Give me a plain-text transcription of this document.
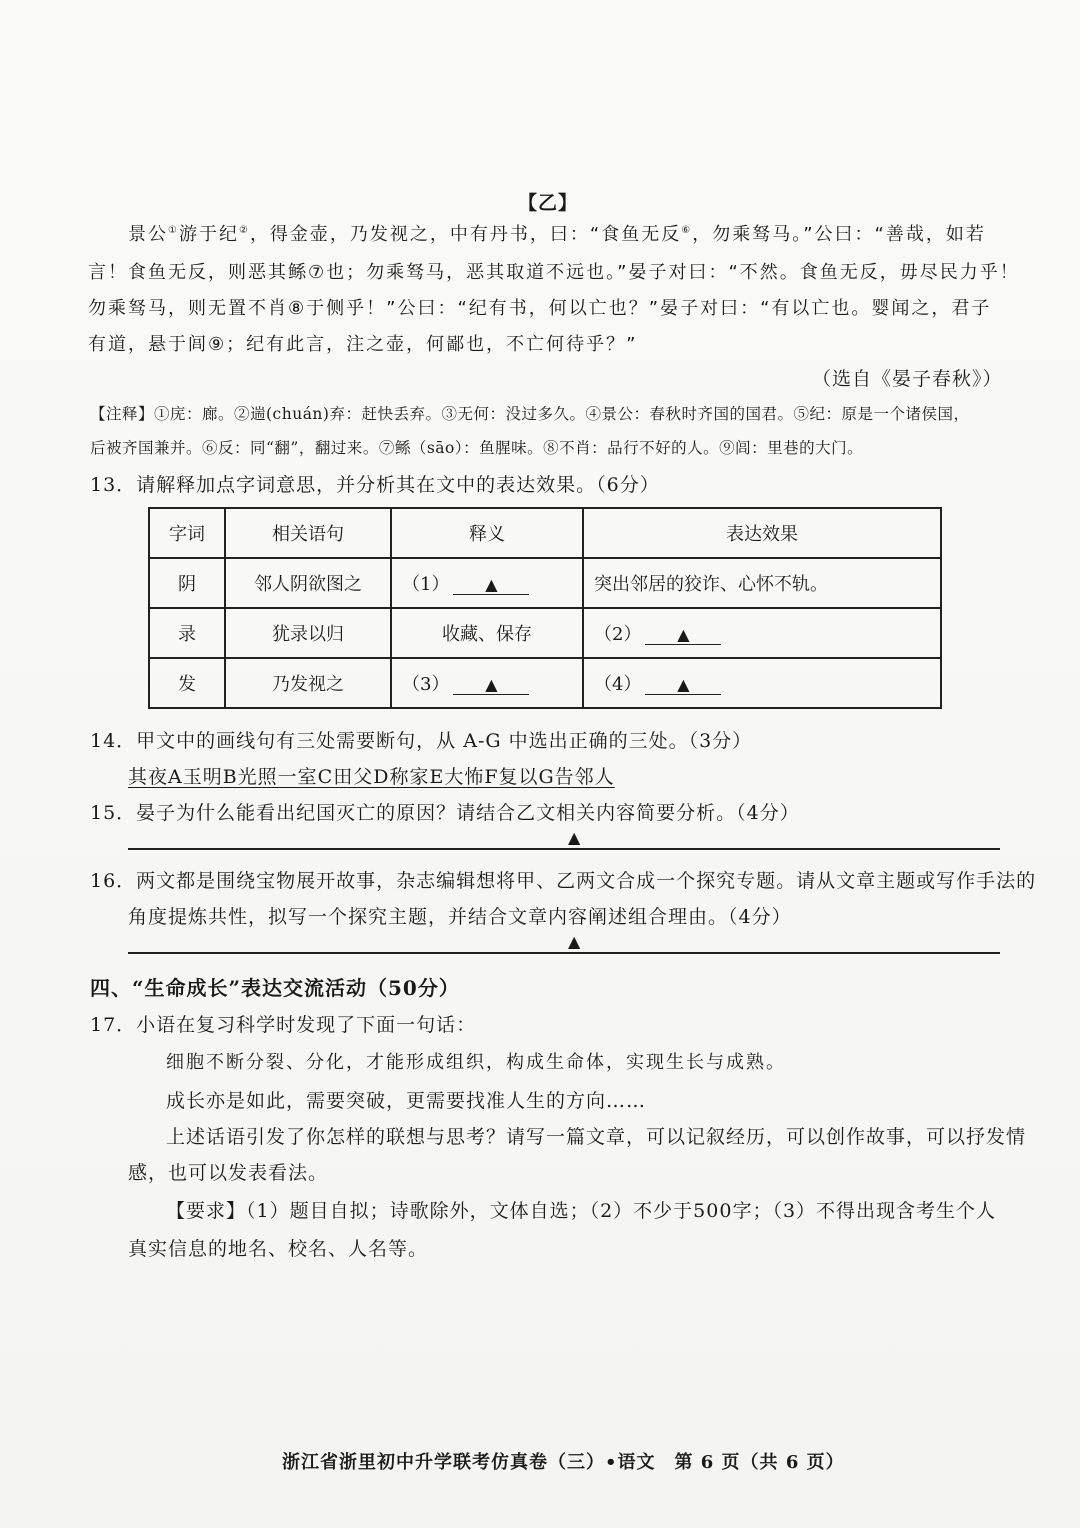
【乙】
景公①游于纪②，得金壶，乃发视之，中有丹书，曰：“食鱼无反⑥，勿乘驽马。”公曰：“善哉，如若
言！食鱼无反，则恶其鲧⑦也；勿乘驽马，恶其取道不远也。”晏子对曰：“不然。食鱼无反，毋尽民力乎！
勿乘驽马，则无置不肖⑧于侧乎！”公曰：“纪有书，何以亡也？”晏子对曰：“有以亡也。婴闻之，君子
有道，悬于闾⑨；纪有此言，注之壶，何鄙也，不亡何待乎？”
（选自《晏子春秋》）
【注释】①庑：廊。②遄(chuán)弃：赶快丢弃。③无何：没过多久。④景公：春秋时齐国的国君。⑤纪：原是一个诸侯国，
后被齐国兼并。⑥反：同“翻”，翻过来。⑦鲧（sāo）：鱼腥味。⑧不肖：品行不好的人。⑨闾：里巷的大门。
13．请解释加点字词意思，并分析其在文中的表达效果。（6分）
字词	相关语句	释义	表达效果
阴	邻人阴欲图之	（1） ▲	突出邻居的狡诈、心怀不轨。
录	犹录以归	收藏、保存	（2） ▲
发	乃发视之	（3） ▲	（4） ▲
14．甲文中的画线句有三处需要断句，从 A-G 中选出正确的三处。（3分）
其夜A玉明B光照一室C田父D称家E大怖F复以G告邻人
15．晏子为什么能看出纪国灭亡的原因？请结合乙文相关内容简要分析。（4分）
▲
16．两文都是围绕宝物展开故事，杂志编辑想将甲、乙两文合成一个探究专题。请从文章主题或写作手法的
角度提炼共性，拟写一个探究主题，并结合文章内容阐述组合理由。（4分）
▲
四、“生命成长”表达交流活动（50分）
17．小语在复习科学时发现了下面一句话：
细胞不断分裂、分化，才能形成组织，构成生命体，实现生长与成熟。
成长亦是如此，需要突破，更需要找准人生的方向……
上述话语引发了你怎样的联想与思考？请写一篇文章，可以记叙经历，可以创作故事，可以抒发情
感，也可以发表看法。
【要求】（1）题目自拟；诗歌除外，文体自选；（2）不少于500字；（3）不得出现含考生个人
真实信息的地名、校名、人名等。
浙江省浙里初中升学联考仿真卷（三）•语文　第 6 页（共 6 页）
